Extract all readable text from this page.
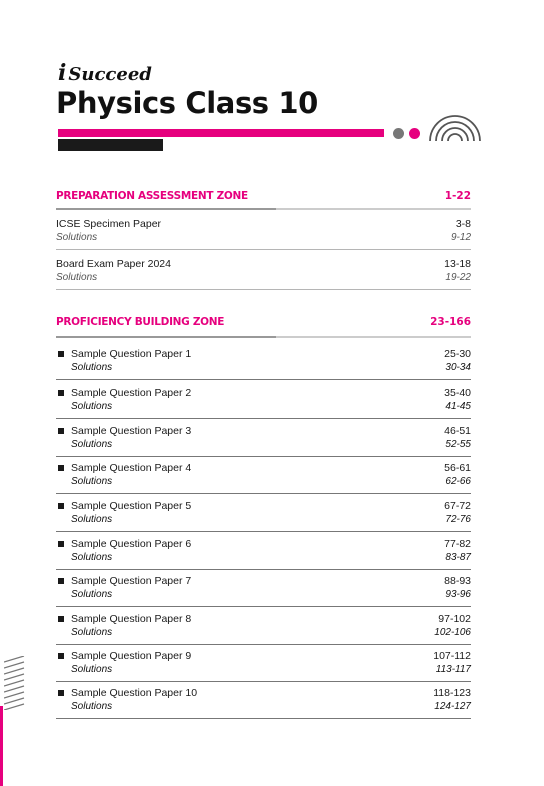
i Succeed
Physics Class 10
PREPARATION ASSESSMENT ZONE	1-22
ICSE Specimen Paper
Solutions
3-8
9-12
Board Exam Paper 2024
Solutions
13-18
19-22
PROFICIENCY BUILDING ZONE	23-166
Sample Question Paper 1
Solutions
25-30
30-34
Sample Question Paper 2
Solutions
35-40
41-45
Sample Question Paper 3
Solutions
46-51
52-55
Sample Question Paper 4
Solutions
56-61
62-66
Sample Question Paper 5
Solutions
67-72
72-76
Sample Question Paper 6
Solutions
77-82
83-87
Sample Question Paper 7
Solutions
88-93
93-96
Sample Question Paper 8
Solutions
97-102
102-106
Sample Question Paper 9
Solutions
107-112
113-117
Sample Question Paper 10
Solutions
118-123
124-127
